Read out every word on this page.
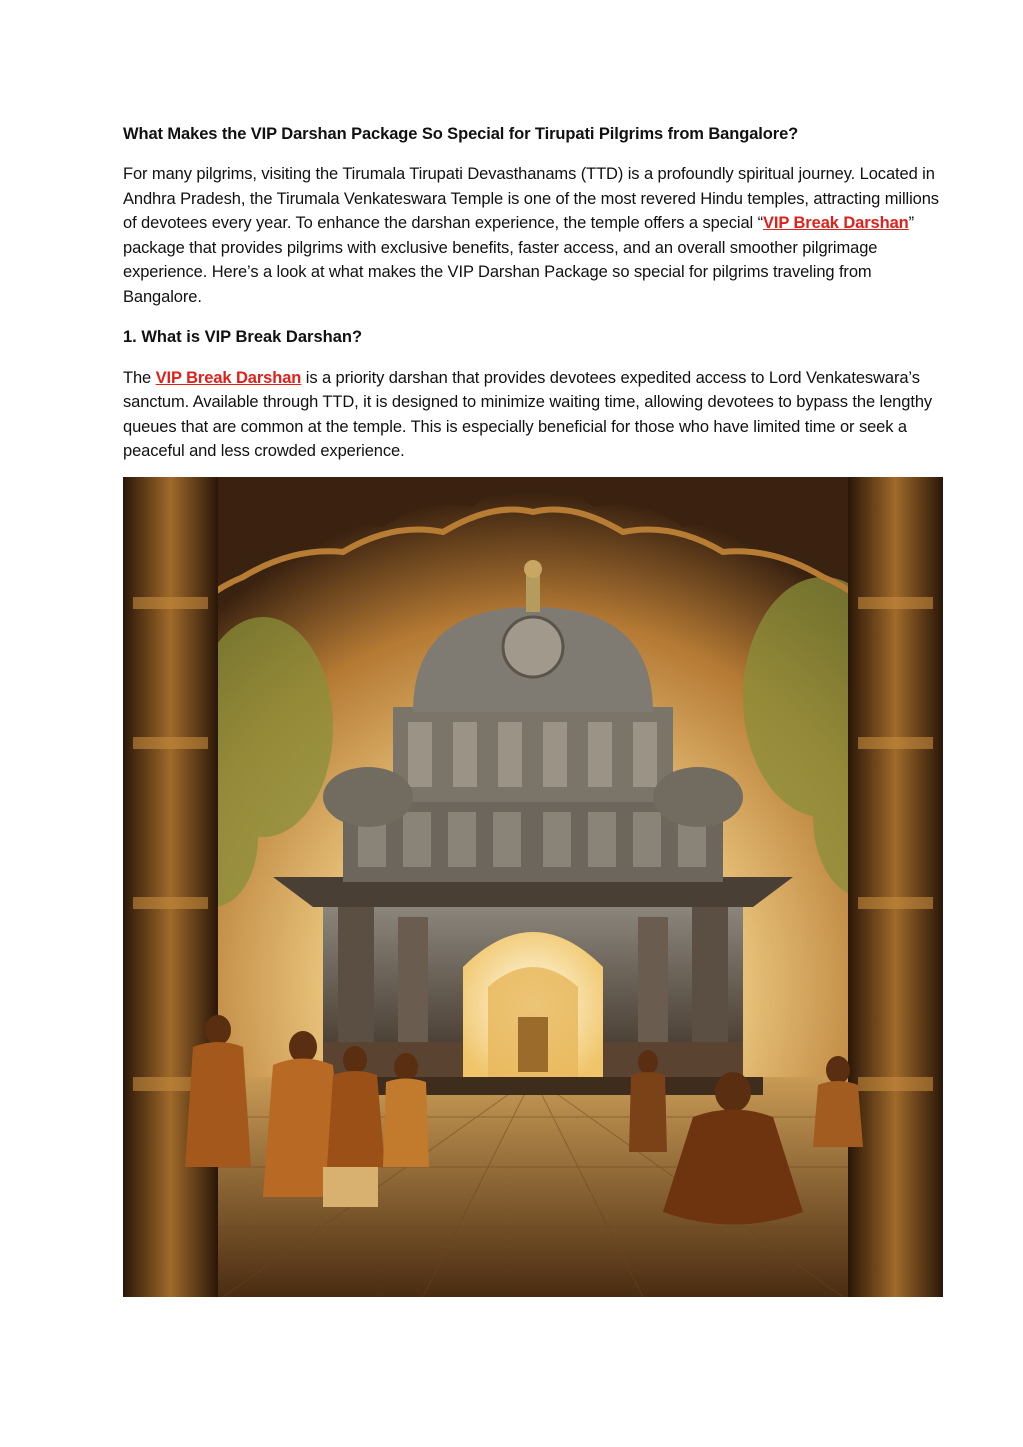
What Makes the VIP Darshan Package So Special for Tirupati Pilgrims from Bangalore?

For many pilgrims, visiting the Tirumala Tirupati Devasthanams (TTD) is a profoundly spiritual journey. Located in Andhra Pradesh, the Tirumala Venkateswara Temple is one of the most revered Hindu temples, attracting millions of devotees every year. To enhance the darshan experience, the temple offers a special “VIP Break Darshan” package that provides pilgrims with exclusive benefits, faster access, and an overall smoother pilgrimage experience. Here’s a look at what makes the VIP Darshan Package so special for pilgrims traveling from Bangalore.

1. What is VIP Break Darshan?

The VIP Break Darshan is a priority darshan that provides devotees expedited access to Lord Venkateswara’s sanctum. Available through TTD, it is designed to minimize waiting time, allowing devotees to bypass the lengthy queues that are common at the temple. This is especially beneficial for those who have limited time or seek a peaceful and less crowded experience.
